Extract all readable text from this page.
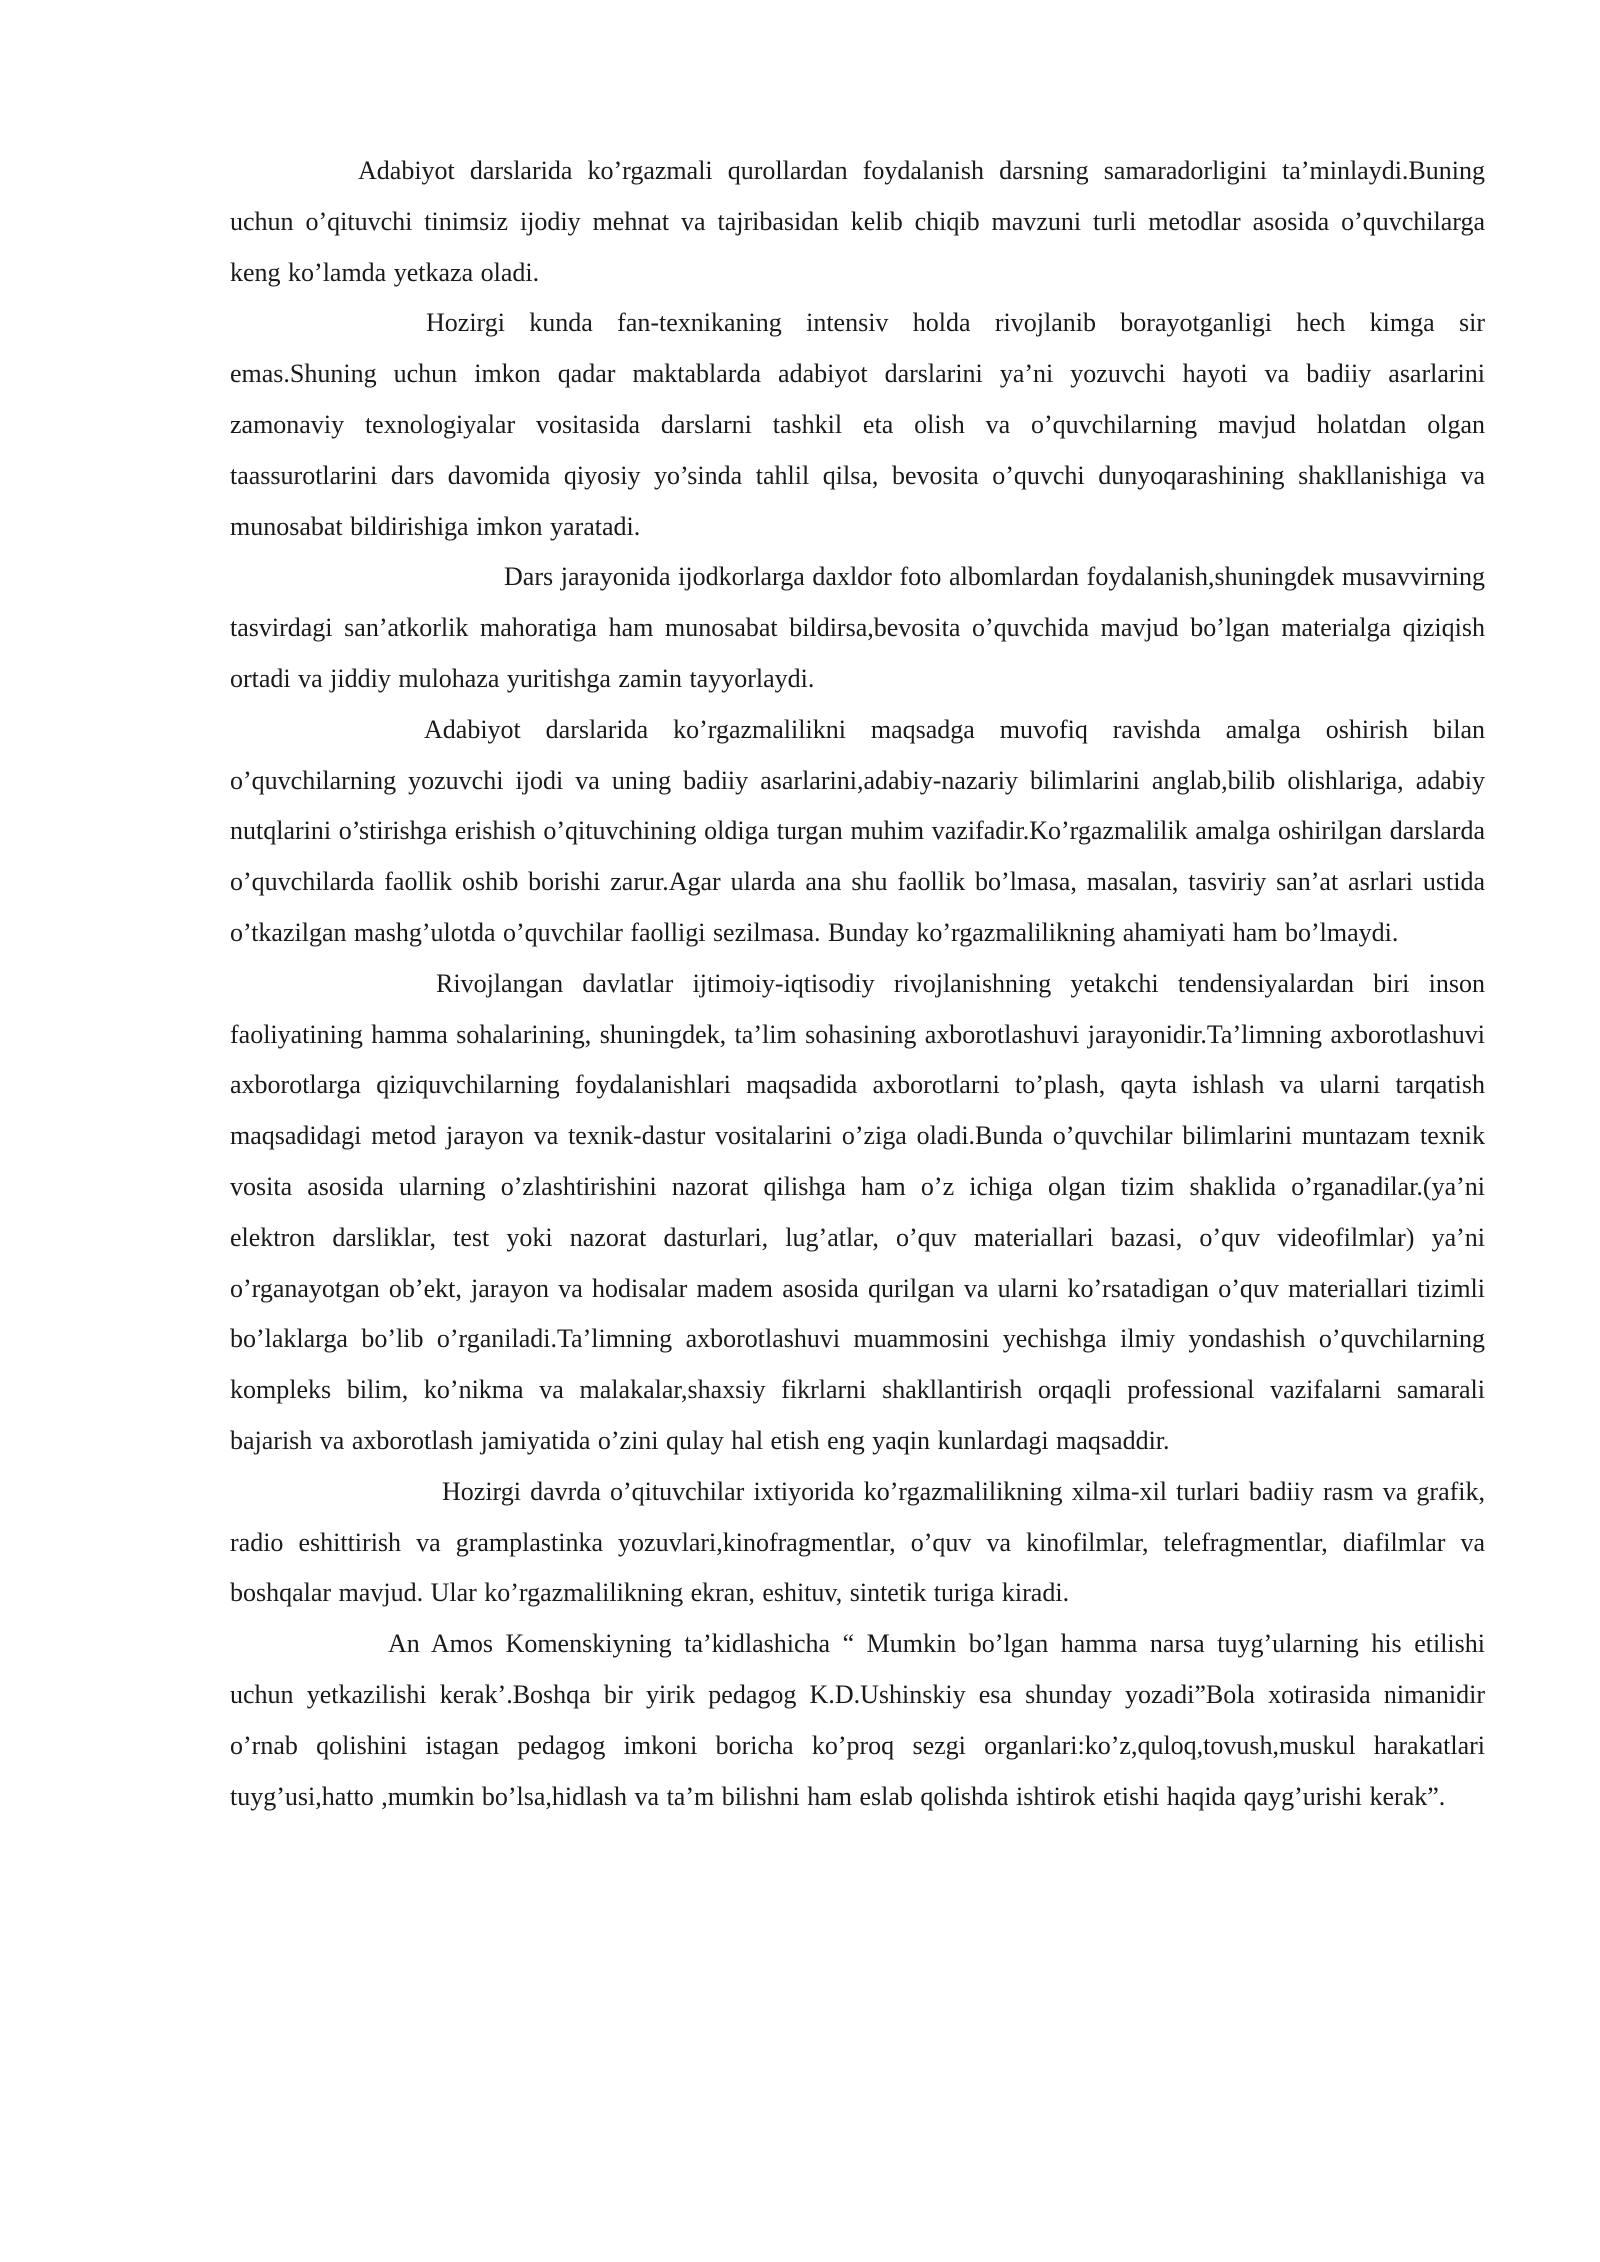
Adabiyot darslarida ko’rgazmali qurollardan foydalanish darsning samaradorligini ta’minlaydi.Buning uchun o’qituvchi tinimsiz ijodiy mehnat va tajribasidan kelib chiqib mavzuni turli metodlar asosida o’quvchilarga keng ko’lamda yetkaza oladi.

Hozirgi kunda fan-texnikaning intensiv holda rivojlanib borayotganligi hech kimga sir emas.Shuning uchun imkon qadar maktablarda adabiyot darslarini ya’ni yozuvchi hayoti va badiiy asarlarini zamonaviy texnologiyalar vositasida darslarni tashkil eta olish va o’quvchilarning mavjud holatdan olgan taassurotlarini dars davomida qiyosiy yo’sinda tahlil qilsa, bevosita o’quvchi dunyoqarashining shakllanishiga va munosabat bildirishiga imkon yaratadi.

Dars jarayonida ijodkorlarga daxldor foto albomlardan foydalanish,shuningdek musavvirning tasvirdagi san’atkorlik mahoratiga ham munosabat bildirsa,bevosita o’quvchida mavjud bo’lgan materialga qiziqish ortadi va jiddiy mulohaza yuritishga zamin tayyorlaydi.

Adabiyot darslarida ko’rgazmalilikni maqsadga muvofiq ravishda amalga oshirish bilan o’quvchilarning yozuvchi ijodi va uning badiiy asarlarini,adabiy-nazariy bilimlarini anglab,bilib olishlariga, adabiy nutqlarini o’stirishga erishish o’qituvchining oldiga turgan muhim vazifadir.Ko’rgazmalilik amalga oshirilgan darslarda o’quvchilarda faollik oshib borishi zarur.Agar ularda ana shu faollik bo’lmasa, masalan, tasviriy san’at asrlari ustida o’tkazilgan mashg’ulotda o’quvchilar faolligi sezilmasa. Bunday ko’rgazmalilikning ahamiyati ham bo’lmaydi.

Rivojlangan davlatlar ijtimoiy-iqtisodiy rivojlanishning yetakchi tendensiyalardan biri inson faoliyatining hamma sohalarining, shuningdek, ta’lim sohasining axborotlashuvi jarayonidir.Ta’limning axborotlashuvi axborotlarga qiziquvchilarning foydalanishlari maqsadida axborotlarni to’plash, qayta ishlash va ularni tarqatish maqsadidagi metod jarayon va texnik-dastur vositalarini o’ziga oladi.Bunda o’quvchilar bilimlarini muntazam texnik vosita asosida ularning o’zlashtirishini nazorat qilishga ham o’z ichiga olgan tizim shaklida o’rganadilar.(ya’ni elektron darsliklar, test yoki nazorat dasturlari, lug’atlar, o’quv materiallari bazasi, o’quv videofilmlar) ya’ni o’rganayotgan ob’ekt, jarayon va hodisalar madem asosida qurilgan va ularni ko’rsatadigan o’quv materiallari tizimli bo’laklarga bo’lib o’rganiladi.Ta’limning axborotlashuvi muammosini yechishga ilmiy yondashish o’quvchilarning kompleks bilim, ko’nikma va malakalar,shaxsiy fikrlarni shakllantirish orqaqli professional vazifalarni samarali bajarish va axborotlash jamiyatida o’zini qulay hal etish eng yaqin kunlardagi maqsaddir.

Hozirgi davrda o’qituvchilar ixtiyorida ko’rgazmalilikning xilma-xil turlari badiiy rasm va grafik, radio eshittirish va gramplastinka yozuvlari,kinofragmentlar, o’quv va kinofilmlar, telefragmentlar, diafilmlar va boshqalar mavjud. Ular ko’rgazmalilikning ekran, eshituv, sintetik turiga kiradi.

An Amos Komenskiyning ta’kidlashicha “ Mumkin bo’lgan hamma narsa tuyg’ularning his etilishi uchun yetkazilishi kerak’.Boshqa bir yirik pedagog K.D.Ushinskiy esa shunday yozadi”Bola xotirasida nimanidir o’rnab qolishini istagan pedagog imkoni boricha ko’proq sezgi organlari:ko’z,quloq,tovush,muskul harakatlari tuyg’usi,hatto ,mumkin bo’lsa,hidlash va ta’m bilishni ham eslab qolishda ishtirok etishi haqida qayg’urishi kerak”.
